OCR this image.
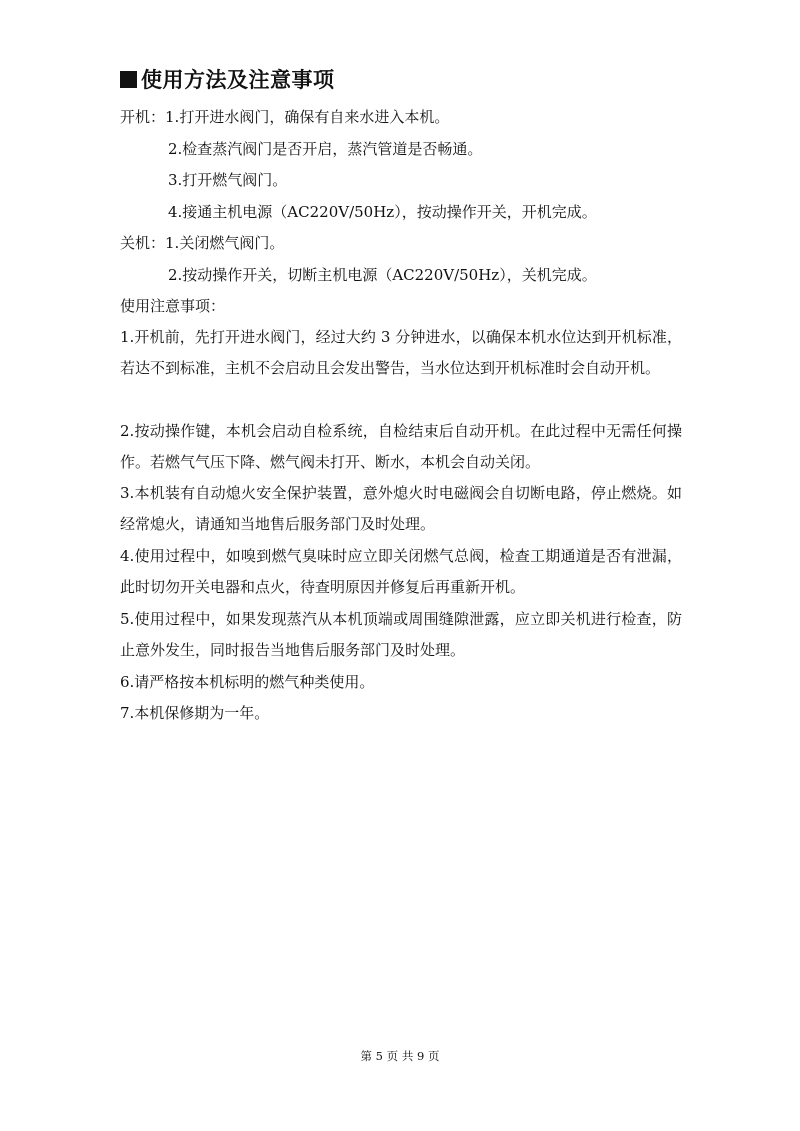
使用方法及注意事项
开机：1.打开进水阀门，确保有自来水进入本机。
2.检查蒸汽阀门是否开启，蒸汽管道是否畅通。
3.打开燃气阀门。
4.接通主机电源（AC220V/50Hz），按动操作开关，开机完成。
关机：1.关闭燃气阀门。
2.按动操作开关，切断主机电源（AC220V/50Hz），关机完成。
使用注意事项：
1.开机前，先打开进水阀门，经过大约 3 分钟进水，以确保本机水位达到开机标准，若达不到标准，主机不会启动且会发出警告，当水位达到开机标准时会自动开机。
2.按动操作键，本机会启动自检系统，自检结束后自动开机。在此过程中无需任何操作。若燃气气压下降、燃气阀未打开、断水，本机会自动关闭。
3.本机装有自动熄火安全保护装置，意外熄火时电磁阀会自切断电路，停止燃烧。如经常熄火，请通知当地售后服务部门及时处理。
4.使用过程中，如嗅到燃气臭味时应立即关闭燃气总阀，检查工期通道是否有泄漏，此时切勿开关电器和点火，待查明原因并修复后再重新开机。
5.使用过程中，如果发现蒸汽从本机顶端或周围缝隙泄露，应立即关机进行检查，防止意外发生，同时报告当地售后服务部门及时处理。
6.请严格按本机标明的燃气种类使用。
7.本机保修期为一年。
第 5 页 共 9 页
